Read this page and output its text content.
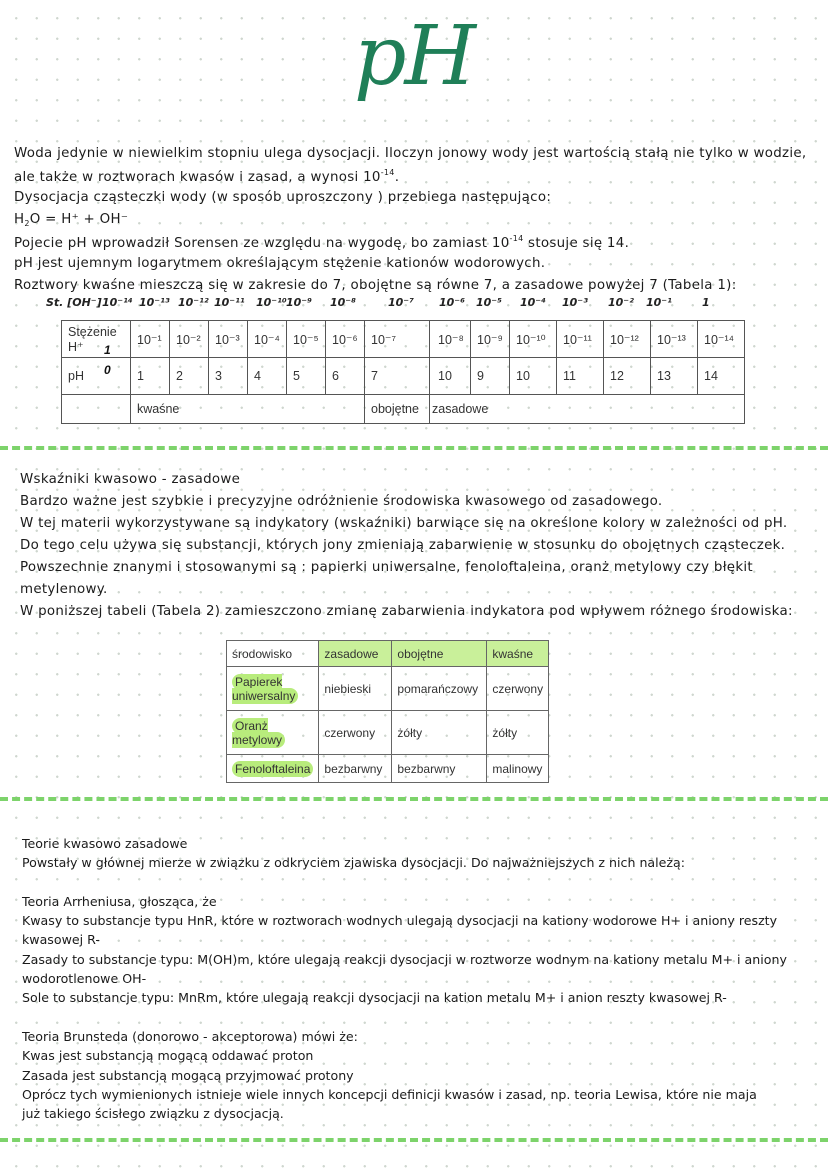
pH
Woda jedynie w niewielkim stopniu ulega dysocjacji. Iloczyn jonowy wody jest wartością stałą nie tylko w wodzie,
ale także w roztworach kwasów i zasad, a wynosi $10^{-14}$.
Dysocjacja cząsteczki wody (w sposób uproszczony ) przebiega następująco:
$H_2O = H^+ + OH^-$
Pojecie pH wprowadził Sorensen ze względu na wygodę, bo zamiast $10^{-14}$ stosuje się 14.
pH jest ujemnym logarytmem określającym stężenie kationów wodorowych.
Roztwory kwaśne mieszczą się w zakresie do 7, obojętne są równe 7, a zasadowe powyżej 7 (Tabela 1):
St. [OH⁻] 10⁻¹⁴ 10⁻¹³ 10⁻¹² 10⁻¹¹ 10⁻¹⁰ 10⁻⁹ 10⁻⁸	10⁻⁷ 10⁻⁶ 10⁻⁵ 10⁻⁴ 10⁻³ 10⁻² 10⁻¹	1
Stężenie H⁺ 1	10⁻¹	10⁻²	10⁻³	10⁻⁴	10⁻⁵	10⁻⁶	10⁻⁷	10⁻⁸	10⁻⁹	10⁻¹⁰	10⁻¹¹	10⁻¹²	10⁻¹³	10⁻¹⁴
pH 0	1	2	3	4	5	6	7	10	9	10	11	12	13	14
	kwaśne						obojętne	zasadowe						
Wskaźniki kwasowo - zasadowe
Bardzo ważne jest szybkie i precyzyjne odróżnienie środowiska kwasowego od zasadowego.
W tej materii wykorzystywane są indykatory (wskaźniki) barwiące się na określone kolory w zależności od pH.
Do tego celu używa się substancji, których jony zmieniają zabarwienie w stosunku do obojętnych cząsteczek.
Powszechnie znanymi i stosowanymi są : papierki uniwersalne, fenoloftaleina, oranż metylowy czy błękit
metylenowy.
W poniższej tabeli (Tabela 2) zamieszczono zmianę zabarwienia indykatora pod wpływem różnego środowiska:
środowisko	zasadowe	obojętne	kwaśne
Papierek uniwersalny	niebieski	pomarańczowy	czerwony
Oranż metylowy	czerwony	żółty	żółty
Fenoloftaleina	bezbarwny	bezbarwny	malinowy
Teorie kwasowo zasadowe
Powstały w głównej mierze w związku z odkryciem zjawiska dysocjacji. Do najważniejszych z nich należą:
Teoria Arrheniusa, głosząca, że
Kwasy to substancje typu HnR, które w roztworach wodnych ulegają dysocjacji na kationy wodorowe H+ i aniony reszty
kwasowej R-
Zasady to substancje typu: M(OH)m, które ulegają reakcji dysocjacji w roztworze wodnym na kationy metalu M+ i aniony
wodorotlenowe OH-
Sole to substancje typu: MnRm, które ulegają reakcji dysocjacji na kation metalu M+ i anion reszty kwasowej R-
Teoria Brunsteda (donorowo - akceptorowa) mówi że:
Kwas jest substancją mogącą oddawać proton
Zasada jest substancją mogącą przyjmować protony
Oprócz tych wymienionych istnieje wiele innych koncepcji definicji kwasów i zasad, np. teoria Lewisa, które nie maja
już takiego ścisłego związku z dysocjacją.
